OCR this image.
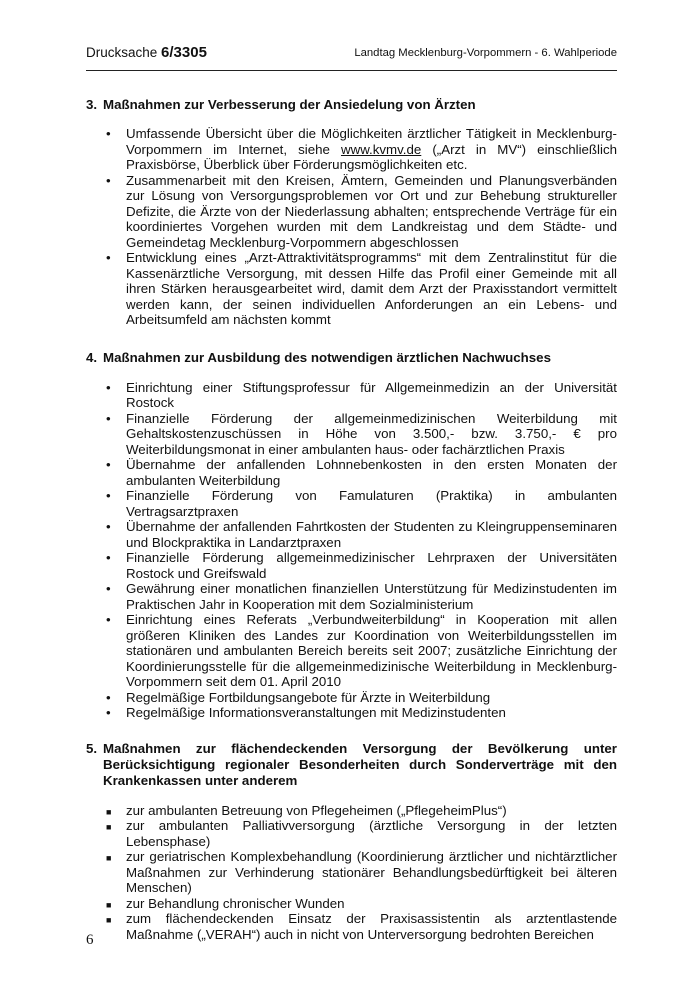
Drucksache 6/3305	Landtag Mecklenburg-Vorpommern - 6. Wahlperiode
3. Maßnahmen zur Verbesserung der Ansiedelung von Ärzten
• Umfassende Übersicht über die Möglichkeiten ärztlicher Tätigkeit in Mecklenburg-Vorpommern im Internet, siehe www.kvmv.de („Arzt in MV“) einschließlich Praxisbörse, Überblick über Förderungsmöglichkeiten etc.
• Zusammenarbeit mit den Kreisen, Ämtern, Gemeinden und Planungsverbänden zur Lösung von Versorgungsproblemen vor Ort und zur Behebung struktureller Defizite, die Ärzte von der Niederlassung abhalten; entsprechende Verträge für ein koordiniertes Vorgehen wurden mit dem Landkreistag und dem Städte- und Gemeindetag Mecklenburg-Vorpommern abgeschlossen
• Entwicklung eines „Arzt-Attraktivitätsprogramms“ mit dem Zentralinstitut für die Kassenärztliche Versorgung, mit dessen Hilfe das Profil einer Gemeinde mit all ihren Stärken herausgearbeitet wird, damit dem Arzt der Praxisstandort vermittelt werden kann, der seinen individuellen Anforderungen an ein Lebens- und Arbeitsumfeld am nächsten kommt
4. Maßnahmen zur Ausbildung des notwendigen ärztlichen Nachwuchses
• Einrichtung einer Stiftungsprofessur für Allgemeinmedizin an der Universität Rostock
• Finanzielle Förderung der allgemeinmedizinischen Weiterbildung mit Gehaltskostenzuschüssen in Höhe von 3.500,- bzw. 3.750,- € pro Weiterbildungsmonat in einer ambulanten haus- oder fachärztlichen Praxis
• Übernahme der anfallenden Lohnnebenkosten in den ersten Monaten der ambulanten Weiterbildung
• Finanzielle Förderung von Famulaturen (Praktika) in ambulanten Vertragsarztpraxen
• Übernahme der anfallenden Fahrtkosten der Studenten zu Kleingruppenseminaren und Blockpraktika in Landarztpraxen
• Finanzielle Förderung allgemeinmedizinischer Lehrpraxen der Universitäten Rostock und Greifswald
• Gewährung einer monatlichen finanziellen Unterstützung für Medizinstudenten im Praktischen Jahr in Kooperation mit dem Sozialministerium
• Einrichtung eines Referats „Verbundweiterbildung“ in Kooperation mit allen größeren Kliniken des Landes zur Koordination von Weiterbildungsstellen im stationären und ambulanten Bereich bereits seit 2007; zusätzliche Einrichtung der Koordinierungsstelle für die allgemeinmedizinische Weiterbildung in Mecklenburg-Vorpommern seit dem 01. April 2010
• Regelmäßige Fortbildungsangebote für Ärzte in Weiterbildung
• Regelmäßige Informationsveranstaltungen mit Medizinstudenten
5. Maßnahmen zur flächendeckenden Versorgung der Bevölkerung unter Berücksichtigung regionaler Besonderheiten durch Sonderverträge mit den Krankenkassen unter anderem
■ zur ambulanten Betreuung von Pflegeheimen („PflegeheimPlus“)
■ zur ambulanten Palliativversorgung (ärztliche Versorgung in der letzten Lebensphase)
■ zur geriatrischen Komplexbehandlung (Koordinierung ärztlicher und nichtärztlicher Maßnahmen zur Verhinderung stationärer Behandlungsbedürftigkeit bei älteren Menschen)
■ zur Behandlung chronischer Wunden
■ zum flächendeckenden Einsatz der Praxisassistentin als arztentlastende Maßnahme („VERAH“) auch in nicht von Unterversorgung bedrohten Bereichen
6
